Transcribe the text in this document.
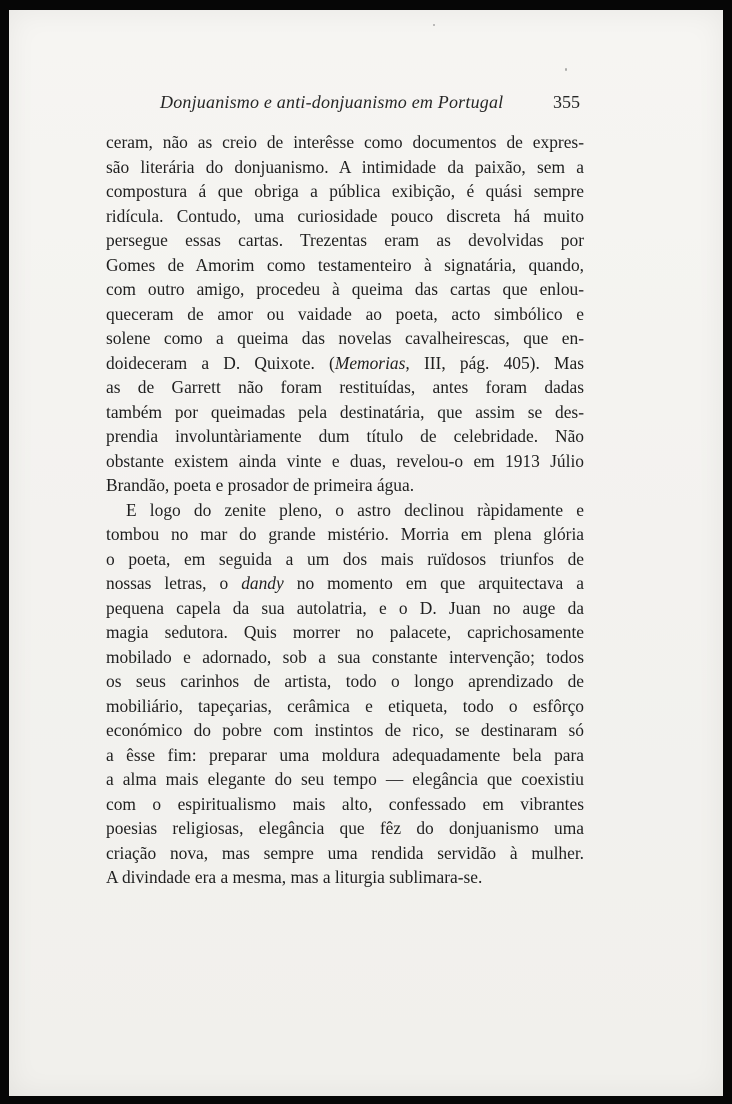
Donjuanismo e anti-donjuanismo em Portugal	355
ceram, não as creio de interêsse como documentos de expres-
são literária do donjuanismo. A intimidade da paixão, sem a
compostura á que obriga a pública exibição, é quási sempre
ridícula. Contudo, uma curiosidade pouco discreta há muito
persegue essas cartas. Trezentas eram as devolvidas por
Gomes de Amorim como testamenteiro à signatária, quando,
com outro amigo, procedeu à queima das cartas que enlou-
queceram de amor ou vaidade ao poeta, acto simbólico e
solene como a queima das novelas cavalheirescas, que en-
doideceram a D. Quixote. (Memorias, III, pág. 405). Mas
as de Garrett não foram restituídas, antes foram dadas
também por queimadas pela destinatária, que assim se des-
prendia involuntàriamente dum título de celebridade. Não
obstante existem ainda vinte e duas, revelou-o em 1913 Júlio
Brandão, poeta e prosador de primeira água.
E logo do zenite pleno, o astro declinou ràpidamente e
tombou no mar do grande mistério. Morria em plena glória
o poeta, em seguida a um dos mais ruïdosos triunfos de
nossas letras, o dandy no momento em que arquitectava a
pequena capela da sua autolatria, e o D. Juan no auge da
magia sedutora. Quis morrer no palacete, caprichosamente
mobilado e adornado, sob a sua constante intervenção; todos
os seus carinhos de artista, todo o longo aprendizado de
mobiliário, tapeçarias, cerâmica e etiqueta, todo o esfôrço
económico do pobre com instintos de rico, se destinaram só
a êsse fim: preparar uma moldura adequadamente bela para
a alma mais elegante do seu tempo — elegância que coexistiu
com o espiritualismo mais alto, confessado em vibrantes
poesias religiosas, elegância que fêz do donjuanismo uma
criação nova, mas sempre uma rendida servidão à mulher.
A divindade era a mesma, mas a liturgia sublimara-se.
